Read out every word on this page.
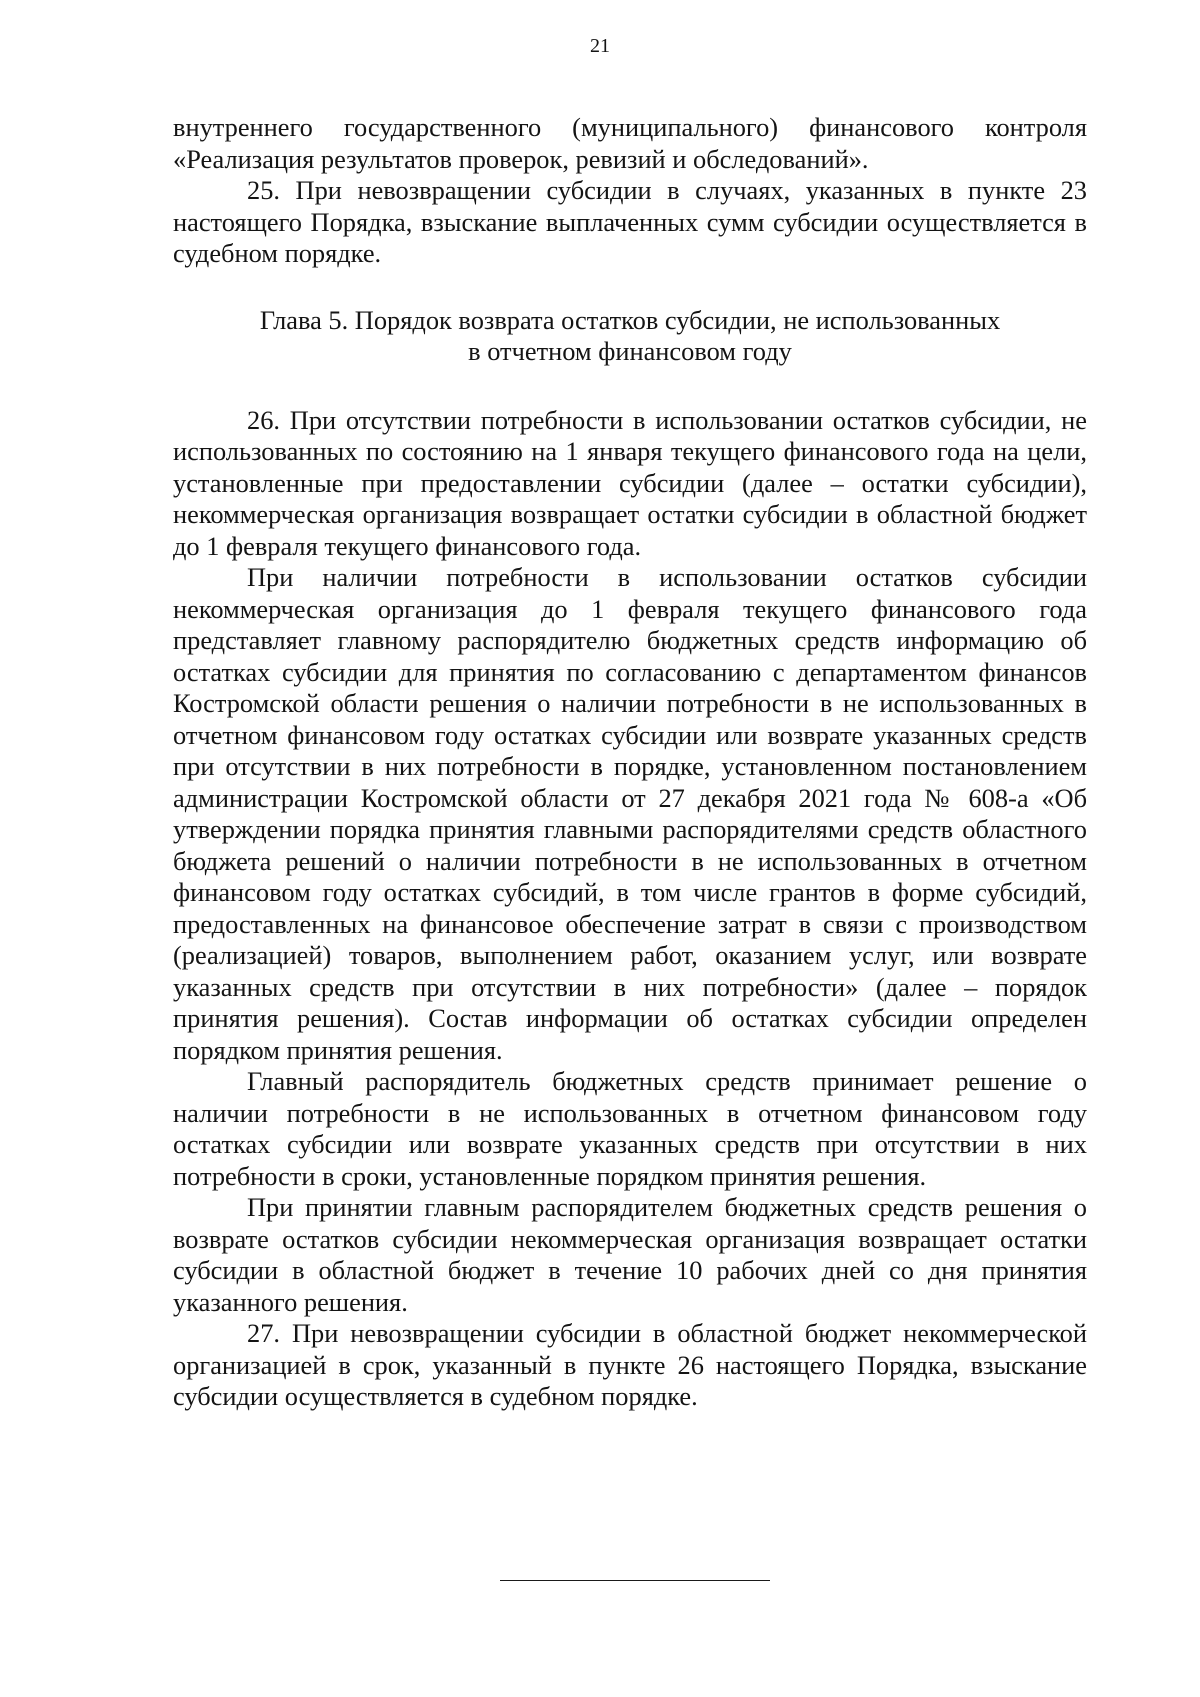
21

внутреннего государственного (муниципального) финансового контроля «Реализация результатов проверок, ревизий и обследований».

25. При невозвращении субсидии в случаях, указанных в пункте 23 настоящего Порядка, взыскание выплаченных сумм субсидии осуществляется в судебном порядке.

Глава 5. Порядок возврата остатков субсидии, не использованных
в отчетном финансовом году

26. При отсутствии потребности в использовании остатков субсидии, не использованных по состоянию на 1 января текущего финансового года на цели, установленные при предоставлении субсидии (далее – остатки субсидии), некоммерческая организация возвращает остатки субсидии в областной бюджет до 1 февраля текущего финансового года.

При наличии потребности в использовании остатков субсидии некоммерческая организация до 1 февраля текущего финансового года представляет главному распорядителю бюджетных средств информацию об остатках субсидии для принятия по согласованию с департаментом финансов Костромской области решения о наличии потребности в не использованных в отчетном финансовом году остатках субсидии или возврате указанных средств при отсутствии в них потребности в порядке, установленном постановлением администрации Костромской области от 27 декабря 2021 года № 608-а «Об утверждении порядка принятия главными распорядителями средств областного бюджета решений о наличии потребности в не использованных в отчетном финансовом году остатках субсидий, в том числе грантов в форме субсидий, предоставленных на финансовое обеспечение затрат в связи с производством (реализацией) товаров, выполнением работ, оказанием услуг, или возврате указанных средств при отсутствии в них потребности» (далее – порядок принятия решения). Состав информации об остатках субсидии определен порядком принятия решения.

Главный распорядитель бюджетных средств принимает решение о наличии потребности в не использованных в отчетном финансовом году остатках субсидии или возврате указанных средств при отсутствии в них потребности в сроки, установленные порядком принятия решения.

При принятии главным распорядителем бюджетных средств решения о возврате остатков субсидии некоммерческая организация возвращает остатки субсидии в областной бюджет в течение 10 рабочих дней со дня принятия указанного решения.

27. При невозвращении субсидии в областной бюджет некоммерческой организацией в срок, указанный в пункте 26 настоящего Порядка, взыскание субсидии осуществляется в судебном порядке.
